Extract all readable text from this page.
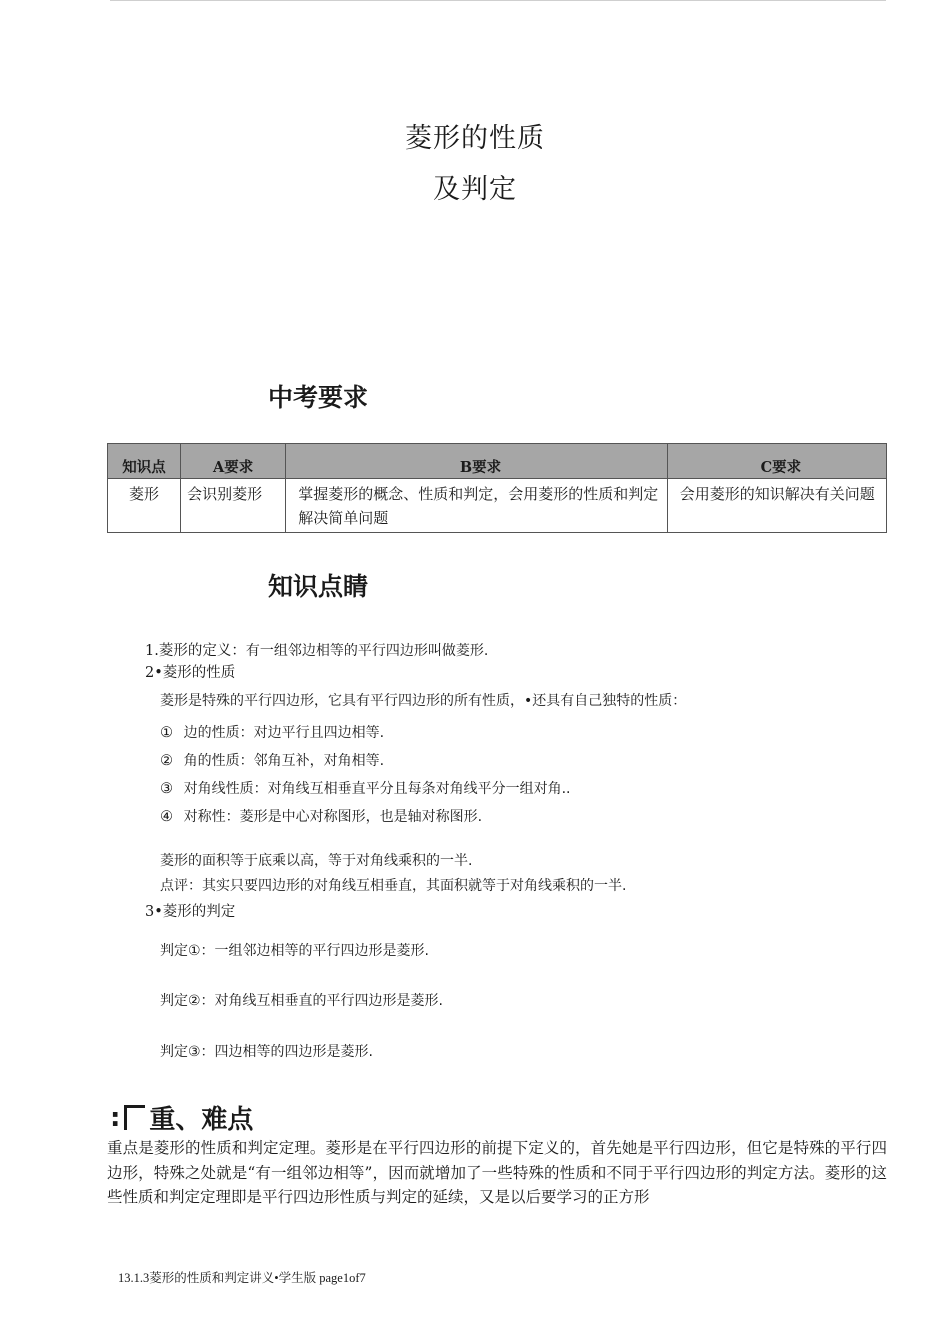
菱形的性质
及判定
中考要求
知识点	A要求	B要求	C要求
菱形	会识别菱形	掌握菱形的概念、性质和判定，会用菱形的性质和判定解决简单问题	会用菱形的知识解决有关问题
知识点睛
1.菱形的定义：有一组邻边相等的平行四边形叫做菱形.
2•菱形的性质
菱形是特殊的平行四边形，它具有平行四边形的所有性质，•还具有自己独特的性质：
① 边的性质：对边平行且四边相等.
② 角的性质：邻角互补，对角相等.
③ 对角线性质：对角线互相垂直平分且每条对角线平分一组对角..
④ 对称性：菱形是中心对称图形，也是轴对称图形.
菱形的面积等于底乘以高，等于对角线乘积的一半.
点评：其实只要四边形的对角线互相垂直，其面积就等于对角线乘积的一半.
3•菱形的判定
判定①：一组邻边相等的平行四边形是菱形.
判定②：对角线互相垂直的平行四边形是菱形.
判定③：四边相等的四边形是菱形.
: 重、难点
重点是菱形的性质和判定定理。菱形是在平行四边形的前提下定义的，首先她是平行四边形，但它是特殊的平行四边形，特殊之处就是“有一组邻边相等”，因而就增加了一些特殊的性质和不同于平行四边形的判定方法。菱形的这些性质和判定定理即是平行四边形性质与判定的延续，又是以后要学习的正方形
13.1.3菱形的性质和判定讲义•学生版 page1of7
